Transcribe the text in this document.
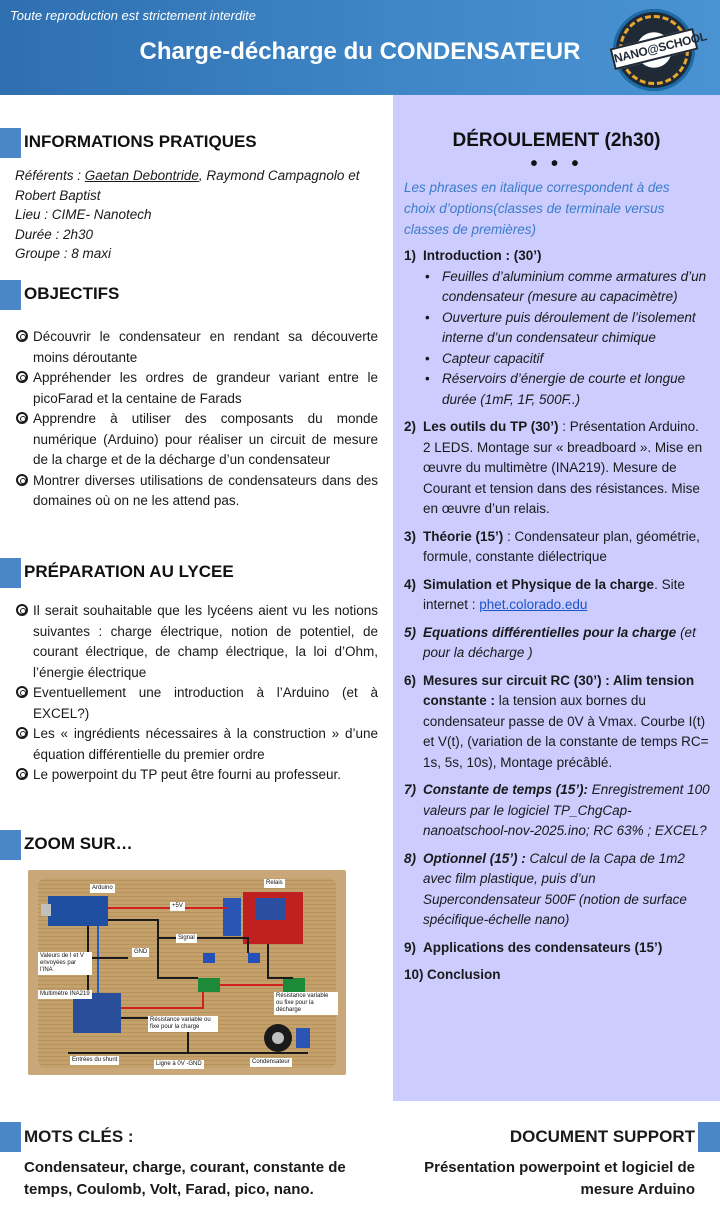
Toute reproduction est strictement interdite
Charge-décharge du CONDENSATEUR	NANO@SCHOOL
INFORMATIONS PRATIQUES
Référents : Gaetan Debontride, Raymond Campagnolo et Robert Baptist
Lieu : CIME- Nanotech
Durée : 2h30
Groupe : 8 maxi
OBJECTIFS
Découvrir le condensateur en rendant sa découverte moins déroutante
Appréhender les ordres de grandeur variant entre le picoFarad et la centaine de Farads
Apprendre à utiliser des composants du monde numérique (Arduino) pour réaliser un circuit de mesure de la charge et de la décharge d’un condensateur
Montrer diverses utilisations de condensateurs dans des domaines où on ne les attend pas.
PRÉPARATION AU LYCEE
Il serait souhaitable que les lycéens aient vu les notions suivantes : charge électrique, notion de potentiel, de courant électrique, de champ électrique, la loi d’Ohm, l’énergie électrique
Eventuellement une introduction à l’Arduino (et à EXCEL?)
Les « ingrédients nécessaires à la construction » d’une équation différentielle du premier ordre
Le powerpoint du TP peut être fourni au professeur.
ZOOM SUR…
Arduino
Relais
+5V
Signal
GND
Valeurs de I et V envoyées par l’INA
Multimètre INA219
Résistance variable ou fixe pour la charge
Résistance variable ou fixe pour la décharge
Entrées du shunt
Ligne à 0V -GND	Condensateur
DÉROULEMENT (2h30)
• • •
Les phrases en italique correspondent à des choix d’options(classes de terminale versus classes de premières)
1) Introduction : (30’)
• Feuilles d’aluminium comme armatures d’un condensateur (mesure au capacimètre)
• Ouverture puis déroulement de l’isolement interne d’un condensateur chimique
• Capteur capacitif
• Réservoirs d’énergie de courte et longue durée (1mF, 1F, 500F..)
2) Les outils du TP (30’) : Présentation Arduino. 2 LEDS. Montage sur « breadboard ». Mise en œuvre du multimètre (INA219). Mesure de Courant et tension dans des résistances. Mise en œuvre d’un relais.
3) Théorie (15’) : Condensateur plan, géométrie, formule, constante diélectrique
4) Simulation et Physique de la charge. Site internet : phet.colorado.edu
5) Equations différentielles pour la charge (et pour la décharge )
6) Mesures sur circuit RC (30’) : Alim tension constante : la tension aux bornes du condensateur passe de 0V à Vmax. Courbe I(t) et V(t), (variation de la constante de temps RC= 1s, 5s, 10s), Montage précâblé.
7) Constante de temps (15’): Enregistrement 100 valeurs par le logiciel TP_ChgCap-nanoatschool-nov-2025.ino; RC 63% ; EXCEL?
8) Optionnel (15’) : Calcul de la Capa de 1m2 avec film plastique, puis d’un Supercondensateur 500F (notion de surface spécifique-échelle nano)
9) Applications des condensateurs (15’)
10) Conclusion
MOTS CLÉS :
Condensateur, charge, courant, constante de temps, Coulomb, Volt, Farad, pico, nano.
DOCUMENT SUPPORT
Présentation powerpoint et logiciel de mesure Arduino
